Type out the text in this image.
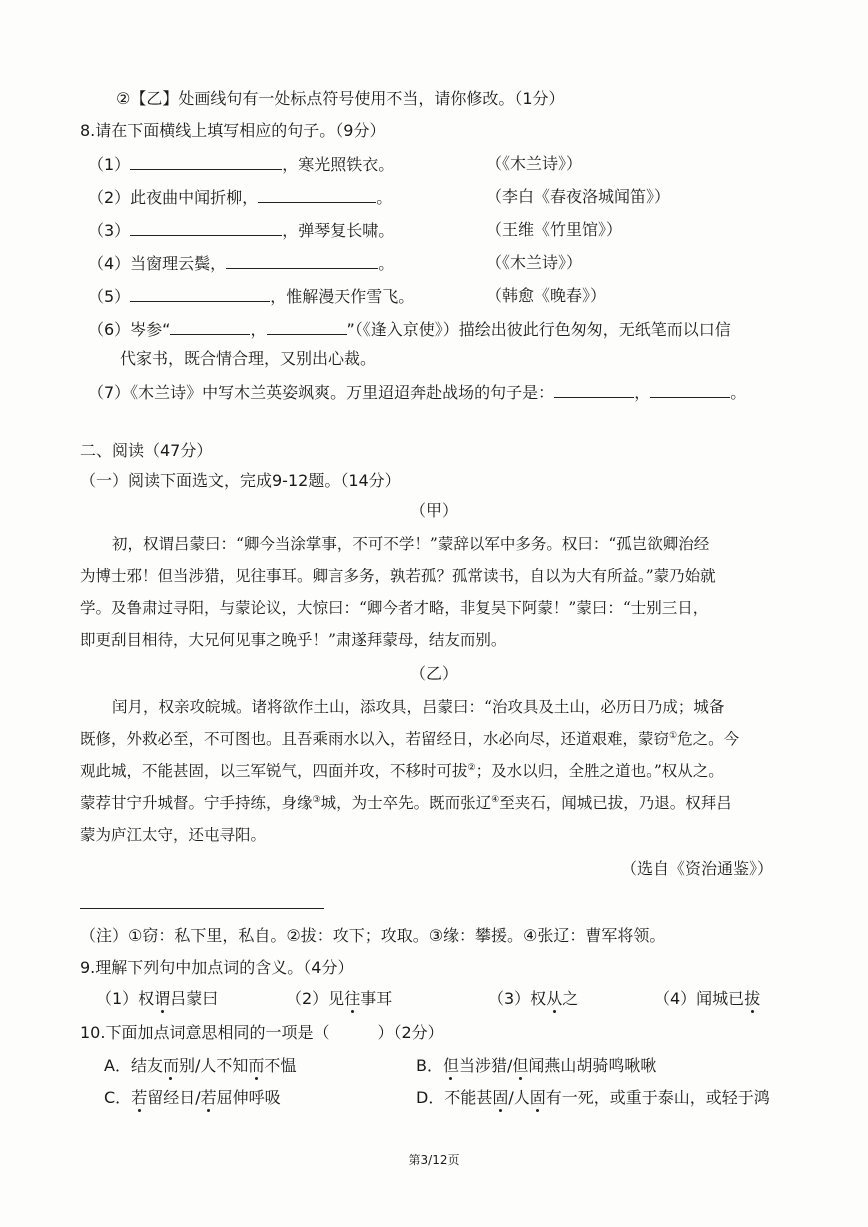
②【乙】处画线句有一处标点符号使用不当，请你修改。（1分）
8.请在下面横线上填写相应的句子。（9分）
（1）	，寒光照铁衣。	（《木兰诗》）
（2）此夜曲中闻折柳，	。	（李白《春夜洛城闻笛》）
（3）	，弹琴复长啸。	（王维《竹里馆》）
（4）当窗理云鬓，	。	（《木兰诗》）
（5）	，惟解漫天作雪飞。	（韩愈《晚春》）
（6）岑参“	，	”（《逢入京使》）描绘出彼此行色匆匆，无纸笔而以口信
代家书，既合情合理，又别出心裁。
（7）《木兰诗》中写木兰英姿飒爽。万里迢迢奔赴战场的句子是：	，	。
二、阅读（47分）
（一）阅读下面选文，完成9-12题。（14分）
（甲）
初，权谓吕蒙曰：“卿今当涂掌事，不可不学！”蒙辞以军中多务。权曰：“孤岂欲卿治经
为博士邪！但当涉猎，见往事耳。卿言多务，孰若孤？孤常读书，自以为大有所益。”蒙乃始就
学。及鲁肃过寻阳，与蒙论议，大惊曰：“卿今者才略，非复吴下阿蒙！”蒙曰：“士别三日，
即更刮目相待，大兄何见事之晚乎！”肃遂拜蒙母，结友而别。
（乙）
闰月，权亲攻皖城。诸将欲作土山，添攻具，吕蒙曰：“治攻具及土山，必历日乃成；城备
既修，外救必至，不可图也。且吾乘雨水以入，若留经日，水必向尽，还道艰难，蒙窃①危之。今
观此城，不能甚固，以三军锐气，四面并攻，不移时可拔②；及水以归，全胜之道也。”权从之。
蒙荐甘宁升城督。宁手持练，身缘③城，为士卒先。既而张辽④至夹石，闻城已拔，乃退。权拜吕
蒙为庐江太守，还屯寻阳。
（选自《资治通鉴》）
（注）①窃：私下里，私自。②拔：攻下；攻取。③缘：攀援。④张辽：曹军将领。
9.理解下列句中加点词的含义。（4分）
（1）权谓吕蒙曰	（2）见往事耳	（3）权从之	（4）闻城已拔
10.下面加点词意思相同的一项是（　　　）（2分）
A．结友而别/人不知而不愠	B．但当涉猎/但闻燕山胡骑鸣啾啾
C．若留经日/若屈伸呼吸	D．不能甚固/人固有一死，或重于泰山，或轻于鸿
第3/12页
